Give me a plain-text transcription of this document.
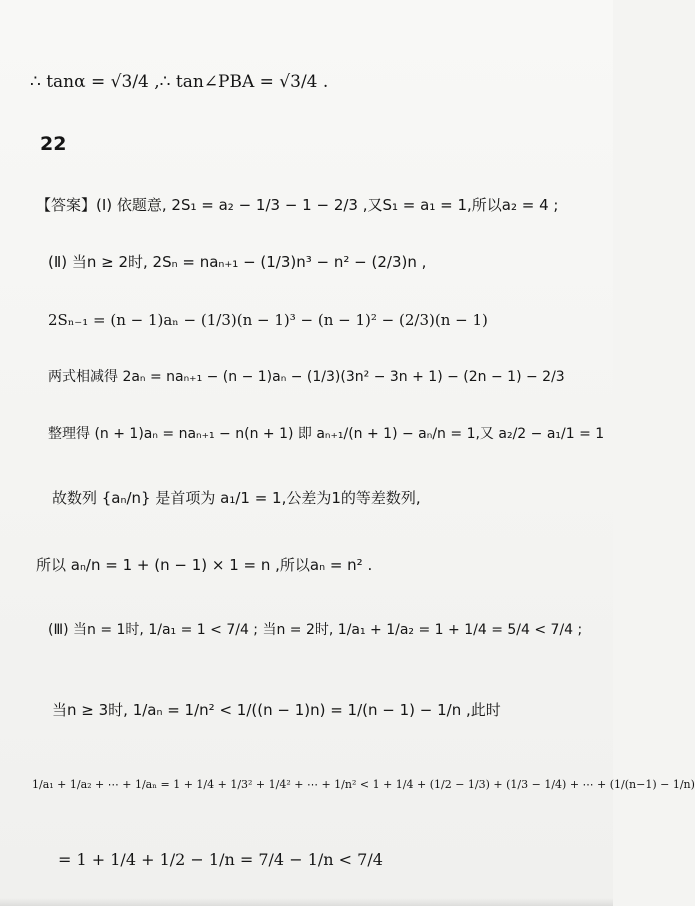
∴ tanα = √3/4 ,∴ tan∠PBA = √3/4 .
22
【答案】(Ⅰ) 依题意, 2S₁ = a₂ − 1/3 − 1 − 2/3 ,又S₁ = a₁ = 1,所以a₂ = 4 ;
(Ⅱ) 当n ≥ 2时, 2Sₙ = naₙ₊₁ − (1/3)n³ − n² − (2/3)n ,
2Sₙ₋₁ = (n − 1)aₙ − (1/3)(n − 1)³ − (n − 1)² − (2/3)(n − 1)
两式相减得 2aₙ = naₙ₊₁ − (n − 1)aₙ − (1/3)(3n² − 3n + 1) − (2n − 1) − 2/3
整理得 (n + 1)aₙ = naₙ₊₁ − n(n + 1) 即 aₙ₊₁/(n + 1) − aₙ/n = 1,又 a₂/2 − a₁/1 = 1
故数列 {aₙ/n} 是首项为 a₁/1 = 1,公差为1的等差数列,
所以 aₙ/n = 1 + (n − 1) × 1 = n ,所以aₙ = n² .
(Ⅲ) 当n = 1时, 1/a₁ = 1 < 7/4 ; 当n = 2时, 1/a₁ + 1/a₂ = 1 + 1/4 = 5/4 < 7/4 ;
当n ≥ 3时, 1/aₙ = 1/n² < 1/((n − 1)n) = 1/(n − 1) − 1/n ,此时
1/a₁ + 1/a₂ + ⋯ + 1/aₙ = 1 + 1/4 + 1/3² + 1/4² + ⋯ + 1/n² < 1 + 1/4 + (1/2 − 1/3) + (1/3 − 1/4) + ⋯ + (1/(n−1) − 1/n)
= 1 + 1/4 + 1/2 − 1/n = 7/4 − 1/n < 7/4
